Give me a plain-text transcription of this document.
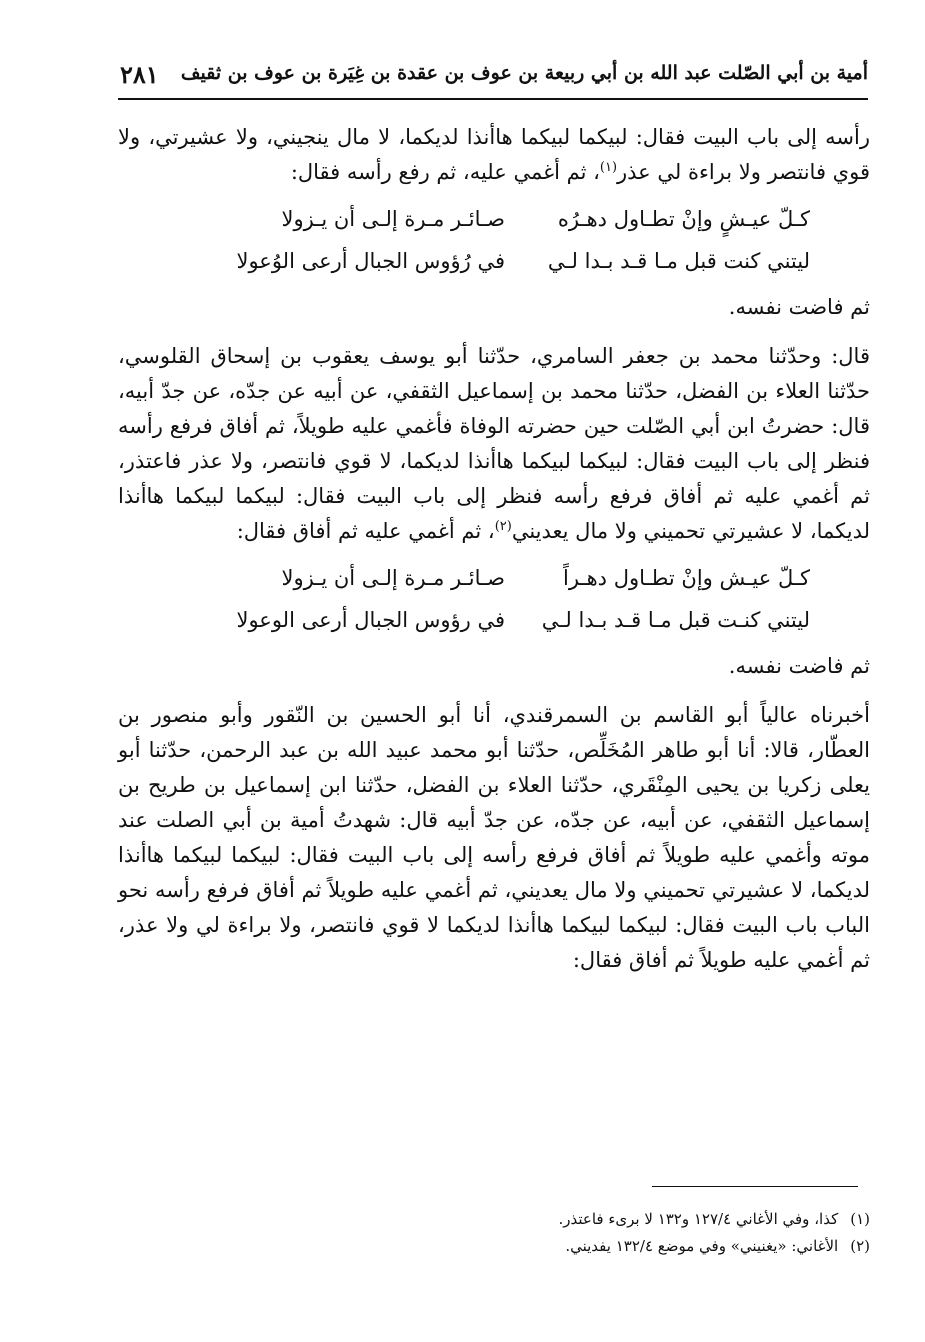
أمية بن أبي الصّلت عبد الله بن أبي ربيعة بن عوف بن عقدة بن غِيَرة بن عوف بن ثقيف
٢٨١

رأسه إلى باب البيت فقال: لبيكما لبيكما هاأنذا لديكما، لا مال ينجيني، ولا عشيرتي، ولا قوي فانتصر ولا براءة لي عذر$^{(١)}$، ثم أغمي عليه، ثم رفع رأسه فقال:

كـلّ عيـشٍ وإنْ تطـاول دهـرُه
صـائـر مـرة إلـى أن يـزولا
ليتني كنت قبل مـا قـد بـدا لـي
في رُؤوس الجبال أرعى الوُعولا

ثم فاضت نفسه.

قال: وحدّثنا محمد بن جعفر السامري، حدّثنا أبو يوسف يعقوب بن إسحاق القلوسي، حدّثنا العلاء بن الفضل، حدّثنا محمد بن إسماعيل الثقفي، عن أبيه عن جدّه، عن جدّ أبيه، قال: حضرتُ ابن أبي الصّلت حين حضرته الوفاة فأغمي عليه طويلاً، ثم أفاق فرفع رأسه فنظر إلى باب البيت فقال: لبيكما لبيكما هاأنذا لديكما، لا قوي فانتصر، ولا عذر فاعتذر، ثم أغمي عليه ثم أفاق فرفع رأسه فنظر إلى باب البيت فقال: لبيكما لبيكما هاأنذا لديكما، لا عشيرتي تحميني ولا مال يعديني$^{(٢)}$، ثم أغمي عليه ثم أفاق فقال:

كـلّ عيـش وإنْ تطـاول دهـراً
صـائـر مـرة إلـى أن يـزولا
ليتني كنـت قبل مـا قـد بـدا لـي
في رؤوس الجبال أرعى الوعولا

ثم فاضت نفسه.

أخبرناه عالياً أبو القاسم بن السمرقندي، أنا أبو الحسين بن النّقور وأبو منصور بن العطّار، قالا: أنا أبو طاهر المُخَلِّص، حدّثنا أبو محمد عبيد الله بن عبد الرحمن، حدّثنا أبو يعلى زكريا بن يحيى المِنْقَري، حدّثنا العلاء بن الفضل، حدّثنا ابن إسماعيل بن طريح بن إسماعيل الثقفي، عن أبيه، عن جدّه، عن جدّ أبيه قال: شهدتُ أمية بن أبي الصلت عند موته وأغمي عليه طويلاً ثم أفاق فرفع رأسه إلى باب البيت فقال: لبيكما لبيكما هاأنذا لديكما، لا عشيرتي تحميني ولا مال يعديني، ثم أغمي عليه طويلاً ثم أفاق فرفع رأسه نحو الباب باب البيت فقال: لبيكما لبيكما هاأنذا لديكما لا قوي فانتصر، ولا براءة لي ولا عذر، ثم أغمي عليه طويلاً ثم أفاق فقال:

(١)كذا، وفي الأغاني ١٢٧/٤ و١٣٢ لا برىء فاعتذر.
(٢)الأغاني: «يغنيني» وفي موضع ١٣٢/٤ يفديني.
